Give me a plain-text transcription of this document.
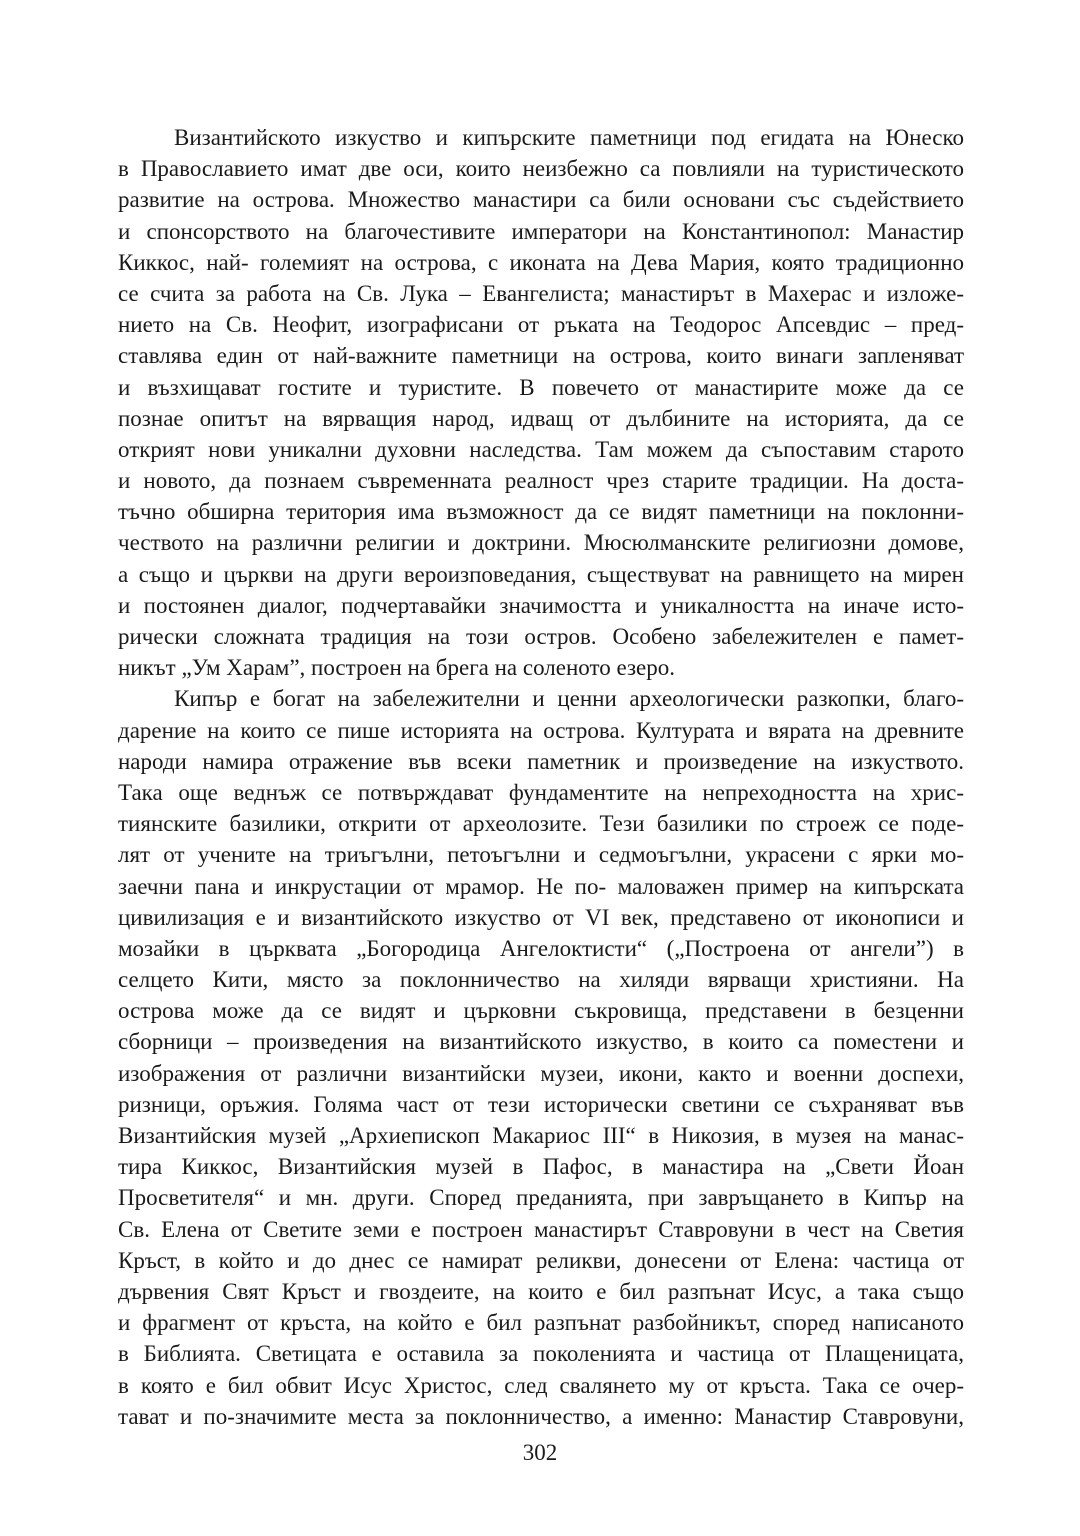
Византийското изкуство и кипърските паметници под егидата на Юнеско
в Православието имат две оси, които неизбежно са повлияли на туристическото
развитие на острова. Множество манастири са били основани със съдействието
и спонсорството на благочестивите императори на Константинопол: Манастир
Киккос, най- големият на острова, с иконата на Дева Мария, която традиционно
се счита за работа на Св. Лука – Евангелиста; манастирът в Махерас и изложе-
нието на Св. Неофит, изографисани от ръката на Теодорос Апсевдис – пред-
ставлява един от най-важните паметници на острова, които винаги запленяват
и възхищават гостите и туристите. В повечето от манастирите може да се
познае опитът на вярващия народ, идващ от дълбините на историята, да се
открият нови уникални духовни наследства. Там можем да съпоставим старото
и новото, да познаем съвременната реалност чрез старите традиции. На доста-
тъчно обширна територия има възможност да се видят паметници на поклонни-
чеството на различни религии и доктрини. Мюсюлманските религиозни домове,
а също и църкви на други вероизповедания, съществуват на равнището на мирен
и постоянен диалог, подчертавайки значимостта и уникалността на иначе исто-
рически сложната традиция на този остров. Особено забележителен е памет-
никът „Ум Харам”, построен на брега на соленото езеро.
Кипър е богат на забележителни и ценни археологически разкопки, благо-
дарение на които се пише историята на острова. Културата и вярата на древните
народи намира отражение във всеки паметник и произведение на изкуството.
Така още веднъж се потвърждават фундаментите на непреходността на хрис-
тиянските базилики, открити от археолозите. Тези базилики по строеж се поде-
лят от учените на триъгълни, петоъгълни и седмоъгълни, украсени с ярки мо-
заечни пана и инкрустации от мрамор. Не по- маловажен пример на кипърската
цивилизация е и византийското изкуство от VI век, представено от иконописи и
мозайки в църквата „Богородица Ангелоктисти“ („Построена от ангели”) в
селцето Кити, място за поклонничество на хиляди вярващи християни. На
острова може да се видят и църковни съкровища, представени в безценни
сборници – произведения на византийското изкуство, в които са поместени и
изображения от различни византийски музеи, икони, както и военни доспехи,
ризници, оръжия. Голяма част от тези исторически светини се съхраняват във
Византийския музей „Архиепископ Макариос III“ в Никозия, в музея на манас-
тира Киккос, Византийския музей в Пафос, в манастира на „Свети Йоан
Просветителя“ и мн. други. Според преданията, при завръщането в Кипър на
Св. Елена от Светите земи е построен манастирът Ставровуни в чест на Светия
Кръст, в който и до днес се намират реликви, донесени от Елена: частица от
дървения Свят Кръст и гвоздеите, на които е бил разпънат Исус, а така също
и фрагмент от кръста, на който е бил разпънат разбойникът, според написаното
в Библията. Светицата е оставила за поколенията и частица от Плащеницата,
в която е бил обвит Исус Христос, след свалянето му от кръста. Така се очер-
тават и по-значимите места за поклонничество, а именно: Манастир Ставровуни,
302
